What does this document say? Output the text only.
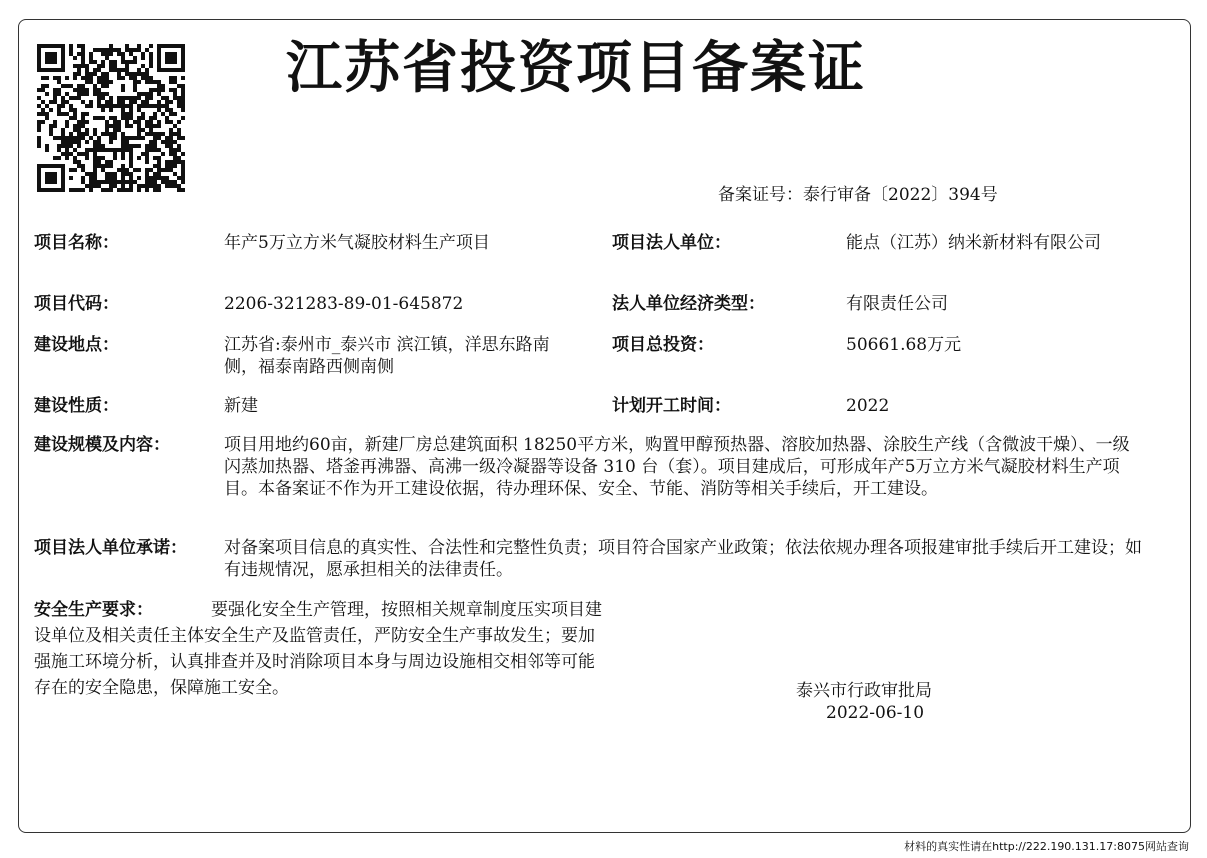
江苏省投资项目备案证
备案证号：泰行审备〔2022〕394号
项目名称：	年产5万立方米气凝胶材料生产项目	项目法人单位：	能点（江苏）纳米新材料有限公司
项目代码：	2206-321283-89-01-645872	法人单位经济类型：	有限责任公司
建设地点：	江苏省:泰州市_泰兴市 滨江镇，洋思东路南侧，福泰南路西侧南侧
项目总投资：	50661.68万元
建设性质：	新建	计划开工时间：	2022
建设规模及内容：	项目用地约60亩，新建厂房总建筑面积 18250平方米，购置甲醇预热器、溶胶加热器、涂胶生产线（含微波干燥）、一级闪蒸加热器、塔釜再沸器、高沸一级冷凝器等设备 310 台（套）。项目建成后，可形成年产5万立方米气凝胶材料生产项目。本备案证不作为开工建设依据，待办理环保、安全、节能、消防等相关手续后，开工建设。
项目法人单位承诺： 对备案项目信息的真实性、合法性和完整性负责；项目符合国家产业政策；依法依规办理各项报建审批手续后开工建设；如有违规情况，愿承担相关的法律责任。
安全生产要求：	要强化安全生产管理，按照相关规章制度压实项目建设单位及相关责任主体安全生产及监管责任，严防安全生产事故发生；要加强施工环境分析，认真排查并及时消除项目本身与周边设施相交相邻等可能存在的安全隐患，保障施工安全。	泰兴市行政审批局
2022-06-10
材料的真实性请在http://222.190.131.17:8075网站查询
